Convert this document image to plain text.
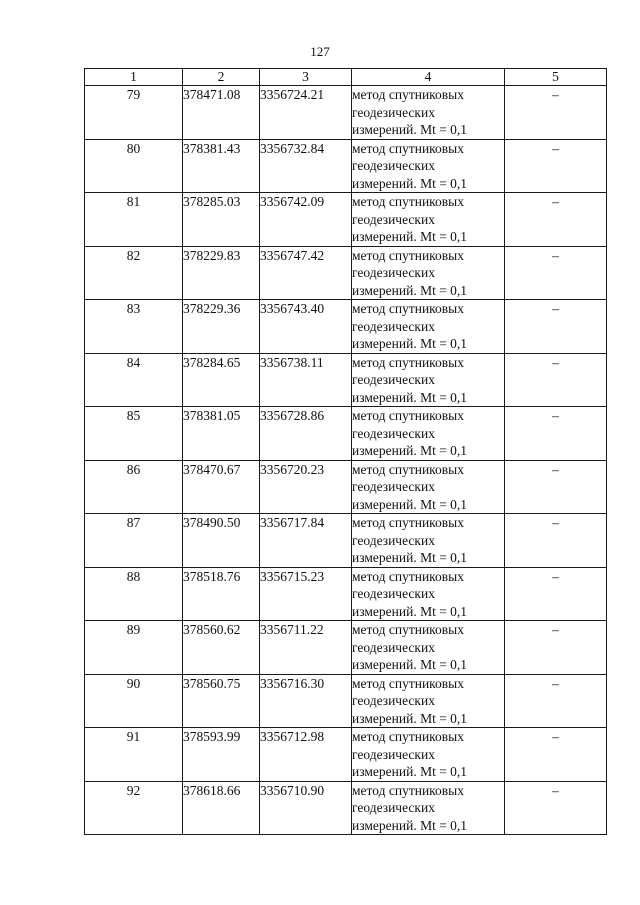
127
1	2	3	4	5
79	378471.08	3356724.21	метод спутниковых
геодезических
измерений. Mt = 0,1	–
80	378381.43	3356732.84	метод спутниковых
геодезических
измерений. Mt = 0,1	–
81	378285.03	3356742.09	метод спутниковых
геодезических
измерений. Mt = 0,1	–
82	378229.83	3356747.42	метод спутниковых
геодезических
измерений. Mt = 0,1	–
83	378229.36	3356743.40	метод спутниковых
геодезических
измерений. Mt = 0,1	–
84	378284.65	3356738.11	метод спутниковых
геодезических
измерений. Mt = 0,1	–
85	378381.05	3356728.86	метод спутниковых
геодезических
измерений. Mt = 0,1	–
86	378470.67	3356720.23	метод спутниковых
геодезических
измерений. Mt = 0,1	–
87	378490.50	3356717.84	метод спутниковых
геодезических
измерений. Mt = 0,1	–
88	378518.76	3356715.23	метод спутниковых
геодезических
измерений. Mt = 0,1	–
89	378560.62	3356711.22	метод спутниковых
геодезических
измерений. Mt = 0,1	–
90	378560.75	3356716.30	метод спутниковых
геодезических
измерений. Mt = 0,1	–
91	378593.99	3356712.98	метод спутниковых
геодезических
измерений. Mt = 0,1	–
92	378618.66	3356710.90	метод спутниковых
геодезических
измерений. Mt = 0,1	–
